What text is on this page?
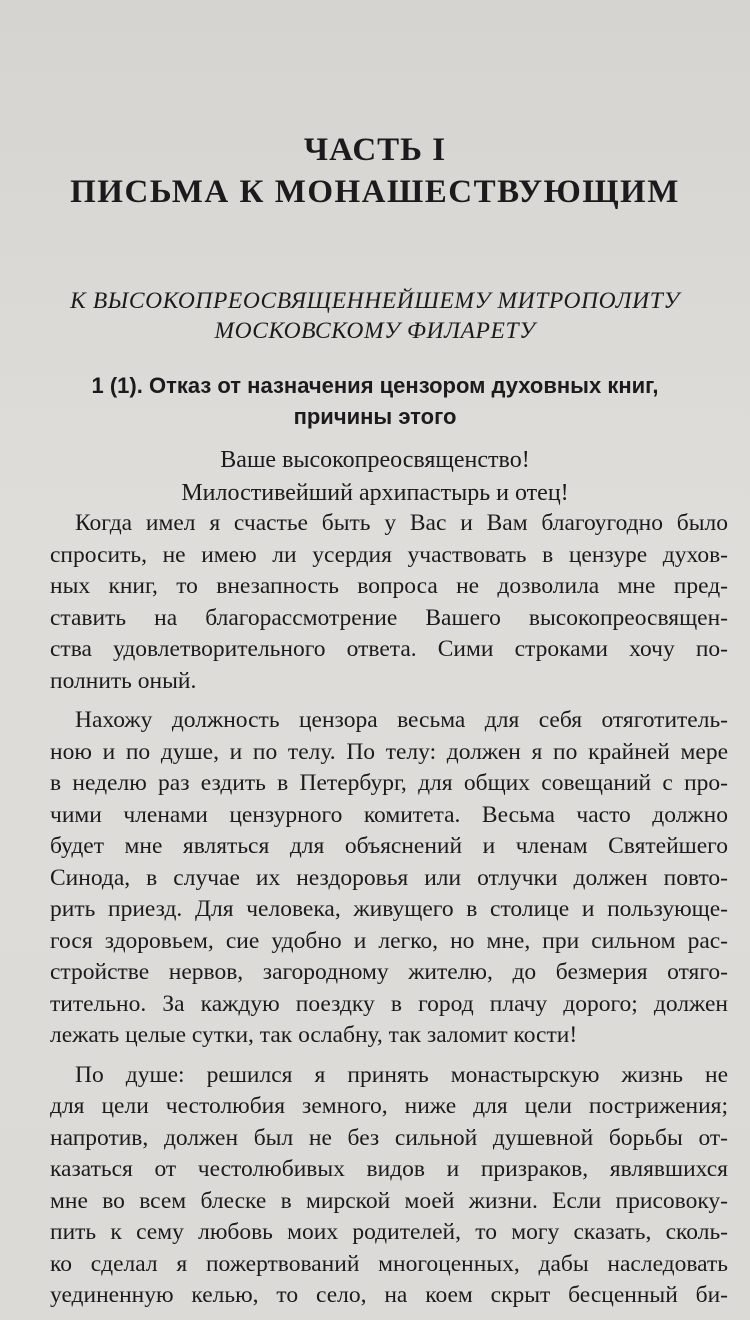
ЧАСТЬ I
ПИСЬМА К МОНАШЕСТВУЮЩИМ
К ВЫСОКОПРЕОСВЯЩЕННЕЙШЕМУ МИТРОПОЛИТУ
МОСКОВСКОМУ ФИЛАРЕТУ
1 (1). Отказ от назначения цензором духовных книг,
причины этого
Ваше высокопреосвященство!
Милостивейший архипастырь и отец!

Когда имел я счастье быть у Вас и Вам благоугодно было
спросить, не имею ли усердия участвовать в цензуре духов-
ных книг, то внезапность вопроса не дозволила мне пред-
ставить на благорассмотрение Вашего высокопреосвящен-
ства удовлетворительного ответа. Сими строками хочу по-
полнить оный.

Нахожу должность цензора весьма для себя отяготитель-
ною и по душе, и по телу. По телу: должен я по крайней мере
в неделю раз ездить в Петербург, для общих совещаний с про-
чими членами цензурного комитета. Весьма часто должно
будет мне являться для объяснений и членам Святейшего
Синода, в случае их нездоровья или отлучки должен повто-
рить приезд. Для человека, живущего в столице и пользующе-
гося здоровьем, сие удобно и легко, но мне, при сильном рас-
стройстве нервов, загородному жителю, до безмерия отяго-
тительно. За каждую поездку в город плачу дорого; должен
лежать целые сутки, так ослабну, так заломит кости!

По душе: решился я принять монастырскую жизнь не
для цели честолюбия земного, ниже для цели пострижения;
напротив, должен был не без сильной душевной борьбы от-
казаться от честолюбивых видов и призраков, являвшихся
мне во всем блеске в мирской моей жизни. Если присовоку-
пить к сему любовь моих родителей, то могу сказать, сколь-
ко сделал я пожертвований многоценных, дабы наследовать
уединенную келью, то село, на коем скрыт бесценный би-
